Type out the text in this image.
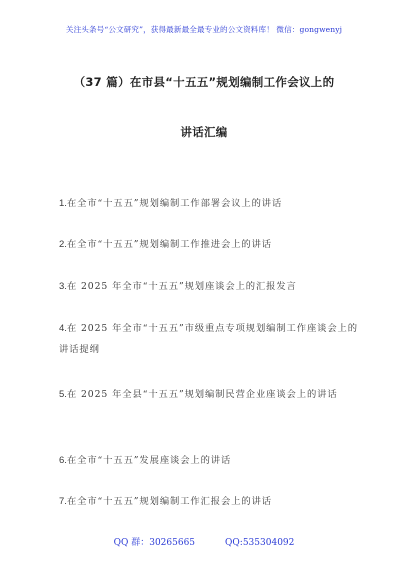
关注头条号“公文研究”，获得最新最全最专业的公文资料库！ 微信：gongwenyj
（37 篇）在市县“十五五”规划编制工作会议上的
讲话汇编
1.在全市“十五五”规划编制工作部署会议上的讲话
2.在全市“十五五”规划编制工作推进会上的讲话
3.在 2025 年全市“十五五”规划座谈会上的汇报发言
4.在 2025 年全市“十五五”市级重点专项规划编制工作座谈会上的讲话提纲
5.在 2025 年全县“十五五”规划编制民营企业座谈会上的讲话
6.在全市“十五五”发展座谈会上的讲话
7.在全市“十五五”规划编制工作汇报会上的讲话
QQ 群：30265665	QQ:535304092
